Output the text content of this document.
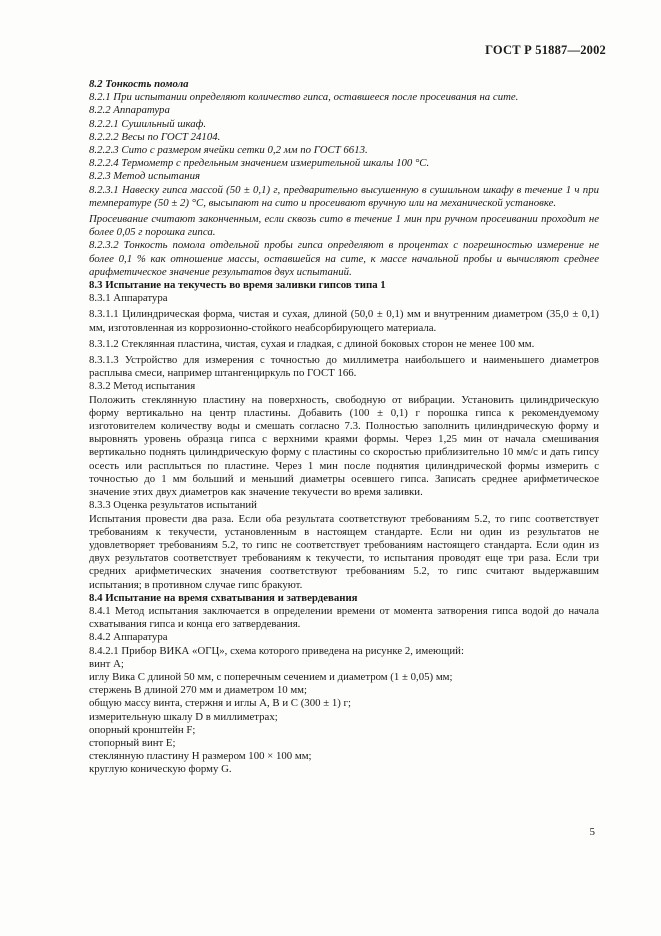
ГОСТ Р 51887—2002

8.2 Тонкость помола

8.2.1 При испытании определяют количество гипса, оставшееся после просеивания на сите.

8.2.2 Аппаратура

8.2.2.1 Сушильный шкаф.

8.2.2.2 Весы по ГОСТ 24104.

8.2.2.3 Сито с размером ячейки сетки 0,2 мм по ГОСТ 6613.

8.2.2.4 Термометр с предельным значением измерительной шкалы 100 °С.

8.2.3 Метод испытания

8.2.3.1 Навеску гипса массой (50 ± 0,1) г, предварительно высушенную в сушильном шкафу в течение 1 ч при температуре (50 ± 2) °С, высыпают на сито и просеивают вручную или на механической установке.

Просеивание считают законченным, если сквозь сито в течение 1 мин при ручном просеивании проходит не более 0,05 г порошка гипса.

8.2.3.2 Тонкость помола отдельной пробы гипса определяют в процентах с погрешностью измерение не более 0,1 % как отношение массы, оставшейся на сите, к массе начальной пробы и вычисляют среднее арифметическое значение результатов двух испытаний.

8.3 Испытание на текучесть во время заливки гипсов типа 1

8.3.1 Аппаратура

8.3.1.1 Цилиндрическая форма, чистая и сухая, длиной (50,0 ± 0,1) мм и внутренним диаметром (35,0 ± 0,1) мм, изготовленная из коррозионно-стойкого неабсорбирующего материала.

8.3.1.2 Стеклянная пластина, чистая, сухая и гладкая, с длиной боковых сторон не менее 100 мм.

8.3.1.3 Устройство для измерения с точностью до миллиметра наибольшего и наименьшего диаметров расплыва смеси, например штангенциркуль по ГОСТ 166.

8.3.2 Метод испытания

Положить стеклянную пластину на поверхность, свободную от вибрации. Установить цилиндрическую форму вертикально на центр пластины. Добавить (100 ± 0,1) г порошка гипса к рекомендуемому изготовителем количеству воды и смешать согласно 7.3. Полностью заполнить цилиндрическую форму и выровнять уровень образца гипса с верхними краями формы. Через 1,25 мин от начала смешивания вертикально поднять цилиндрическую форму с пластины со скоростью приблизительно 10 мм/с и дать гипсу осесть или расплыться по пластине. Через 1 мин после поднятия цилиндрической формы измерить с точностью до 1 мм больший и меньший диаметры осевшего гипса. Записать среднее арифметическое значение этих двух диаметров как значение текучести во время заливки.

8.3.3 Оценка результатов испытаний

Испытания провести два раза. Если оба результата соответствуют требованиям 5.2, то гипс соответствует требованиям к текучести, установленным в настоящем стандарте. Если ни один из результатов не удовлетворяет требованиям 5.2, то гипс не соответствует требованиям настоящего стандарта. Если один из двух результатов соответствует требованиям к текучести, то испытания проводят еще три раза. Если три средних арифметических значения соответствуют требованиям 5.2, то гипс считают выдержавшим испытания; в противном случае гипс бракуют.

8.4 Испытание на время схватывания и затвердевания

8.4.1 Метод испытания заключается в определении времени от момента затворения гипса водой до начала схватывания гипса и конца его затвердевания.

8.4.2 Аппаратура

8.4.2.1 Прибор ВИКА «ОГЦ», схема которого приведена на рисунке 2, имеющий:

винт A;

иглу Вика C длиной 50 мм, с поперечным сечением и диаметром (1 ± 0,05) мм;

стержень B длиной 270 мм и диаметром 10 мм;

общую массу винта, стержня и иглы A, B и C (300 ± 1) г;

измерительную шкалу D в миллиметрах;

опорный кронштейн F;

стопорный винт E;

стеклянную пластину H размером 100 × 100 мм;

круглую коническую форму G.

5
